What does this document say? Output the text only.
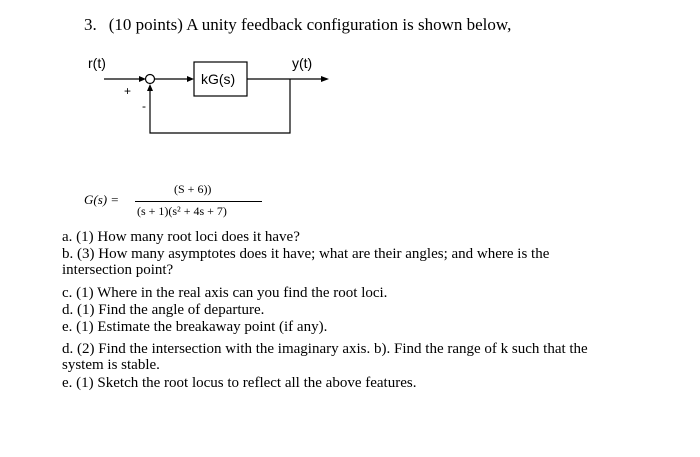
3. (10 points) A unity feedback configuration is shown below,
r(t)	y(t)
+
-
kG(s)
G(s) =
(S + 6))
(s + 1)(s² + 4s + 7)
a. (1) How many root loci does it have?
b. (3) How many asymptotes does it have; what are their angles; and where is the
intersection point?
c. (1) Where in the real axis can you find the root loci.
d. (1) Find the angle of departure.
e. (1) Estimate the breakaway point (if any).
d. (2) Find the intersection with the imaginary axis. b). Find the range of k such that the
system is stable.
e. (1) Sketch the root locus to reflect all the above features.
